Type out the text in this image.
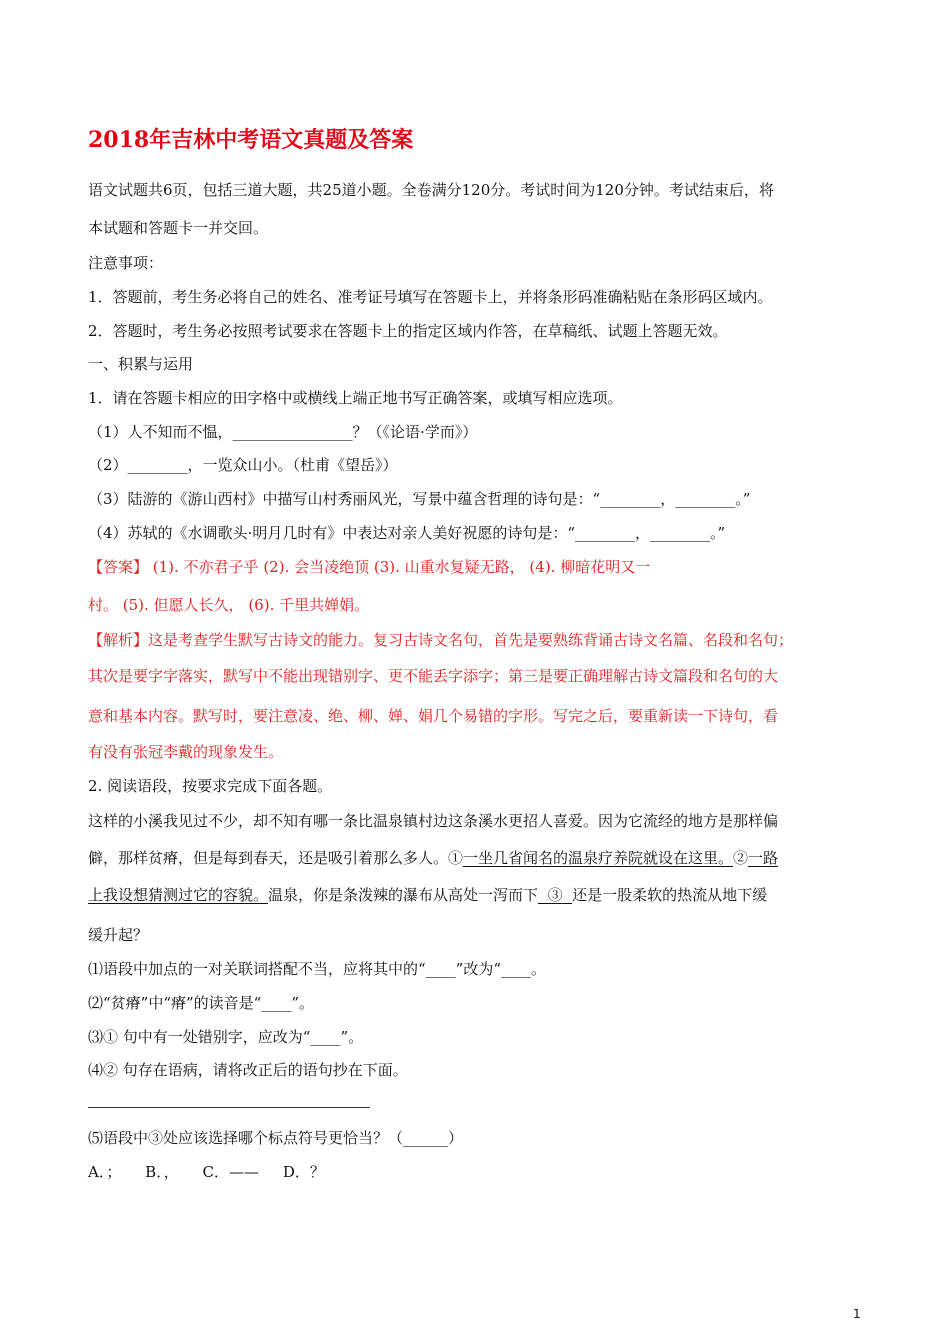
2018年吉林中考语文真题及答案
语文试题共6页，包括三道大题，共25道小题。全卷满分120分。考试时间为120分钟。考试结束后，将
本试题和答题卡一并交回。
注意事项：
1．答题前，考生务必将自己的姓名、准考证号填写在答题卡上，并将条形码准确粘贴在条形码区域内。
2．答题时，考生务必按照考试要求在答题卡上的指定区域内作答，在草稿纸、试题上答题无效。
一、积累与运用
1．请在答题卡相应的田字格中或横线上端正地书写正确答案，或填写相应选项。
（1）人不知而不愠，________________？（《论语·学而》）
（2）________，一览众山小。（杜甫《望岳》）
（3）陆游的《游山西村》中描写山村秀丽风光，写景中蕴含哲理的诗句是：“________，________。”
（4）苏轼的《水调歌头·明月几时有》中表达对亲人美好祝愿的诗句是：“________，________。”
【答案】 (1). 不亦君子乎 (2). 会当凌绝顶 (3). 山重水复疑无路， (4). 柳暗花明又一
村。 (5). 但愿人长久， (6). 千里共婵娟。
【解析】这是考查学生默写古诗文的能力。复习古诗文名句，首先是要熟练背诵古诗文名篇、名段和名句；
其次是要字字落实，默写中不能出现错别字、更不能丢字添字；第三是要正确理解古诗文篇段和名句的大
意和基本内容。默写时，要注意凌、绝、柳、婵、娟几个易错的字形。写完之后，要重新读一下诗句，看
有没有张冠李戴的现象发生。
2. 阅读语段，按要求完成下面各题。
这样的小溪我见过不少，却不知有哪一条比温泉镇村边这条溪水更招人喜爱。因为它流经的地方是那样偏
僻，那样贫瘠，但是每到春天，还是吸引着那么多人。①一坐几省闻名的温泉疗养院就设在这里。②一路
上我设想猜测过它的容貌。温泉，你是条泼辣的瀑布从高处一泻而下  ③  还是一股柔软的热流从地下缓
缓升起？
⑴语段中加点的一对关联词搭配不当，应将其中的“____”改为“____。
⑵“贫瘠”中“瘠”的读音是“____”。
⑶① 句中有一处错别字，应改为“____”。
⑷② 句存在语病，请将改正后的语句抄在下面。
⑸语段中③处应该选择哪个标点符号更恰当？（______）
A．；     B．，     C．——     D．？
1
